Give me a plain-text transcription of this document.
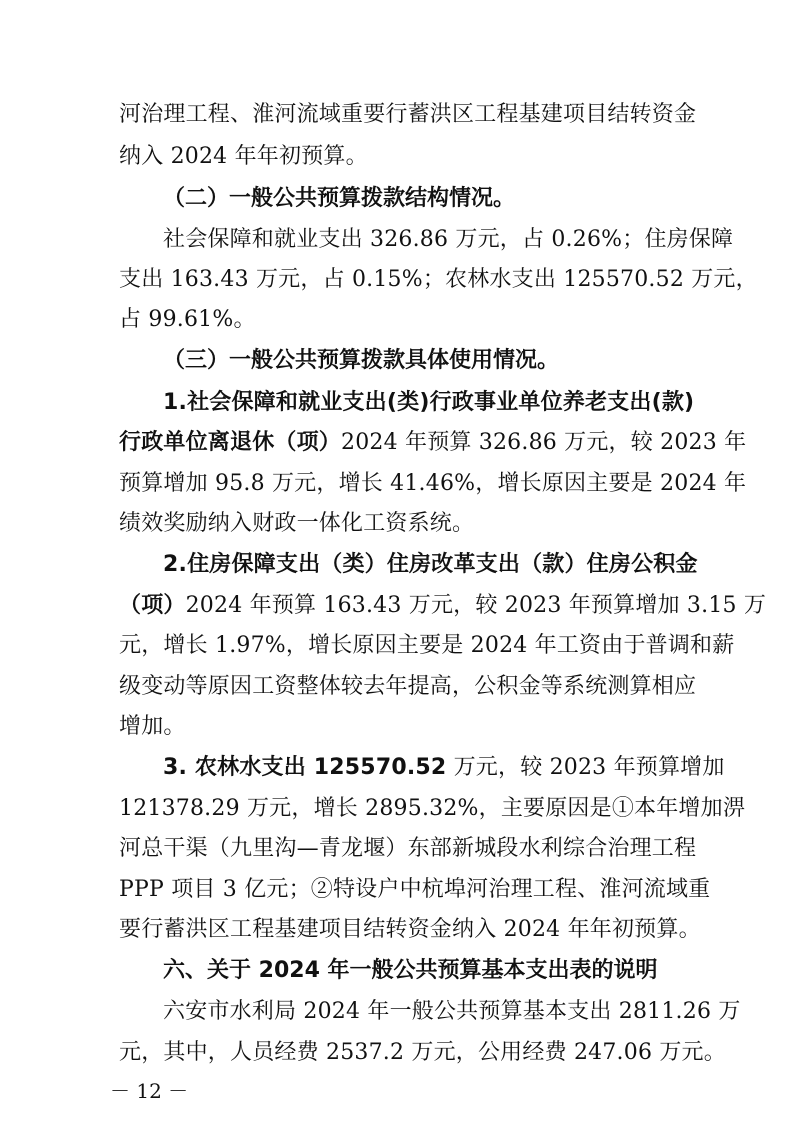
河治理工程、淮河流域重要行蓄洪区工程基建项目结转资金
纳入 2024 年年初预算。
（二）一般公共预算拨款结构情况。
社会保障和就业支出 326.86 万元，占 0.26%；住房保障
支出 163.43 万元，占 0.15%；农林水支出 125570.52 万元，
占 99.61%。
（三）一般公共预算拨款具体使用情况。
1.社会保障和就业支出(类)行政事业单位养老支出(款)
行政单位离退休（项）2024 年预算 326.86 万元，较 2023 年
预算增加 95.8 万元，增长 41.46%，增长原因主要是 2024 年
绩效奖励纳入财政一体化工资系统。
2.住房保障支出（类）住房改革支出（款）住房公积金
（项）2024 年预算 163.43 万元，较 2023 年预算增加 3.15 万
元，增长 1.97%，增长原因主要是 2024 年工资由于普调和薪
级变动等原因工资整体较去年提高，公积金等系统测算相应
增加。
3. 农林水支出 125570.52 万元，较 2023 年预算增加
121378.29 万元，增长 2895.32%，主要原因是①本年增加淠
河总干渠（九里沟—青龙堰）东部新城段水利综合治理工程
PPP 项目 3 亿元；②特设户中杭埠河治理工程、淮河流域重
要行蓄洪区工程基建项目结转资金纳入 2024 年年初预算。
六、关于 2024 年一般公共预算基本支出表的说明
六安市水利局 2024 年一般公共预算基本支出 2811.26 万
元，其中，人员经费 2537.2 万元，公用经费 247.06 万元。
－ 12 －
